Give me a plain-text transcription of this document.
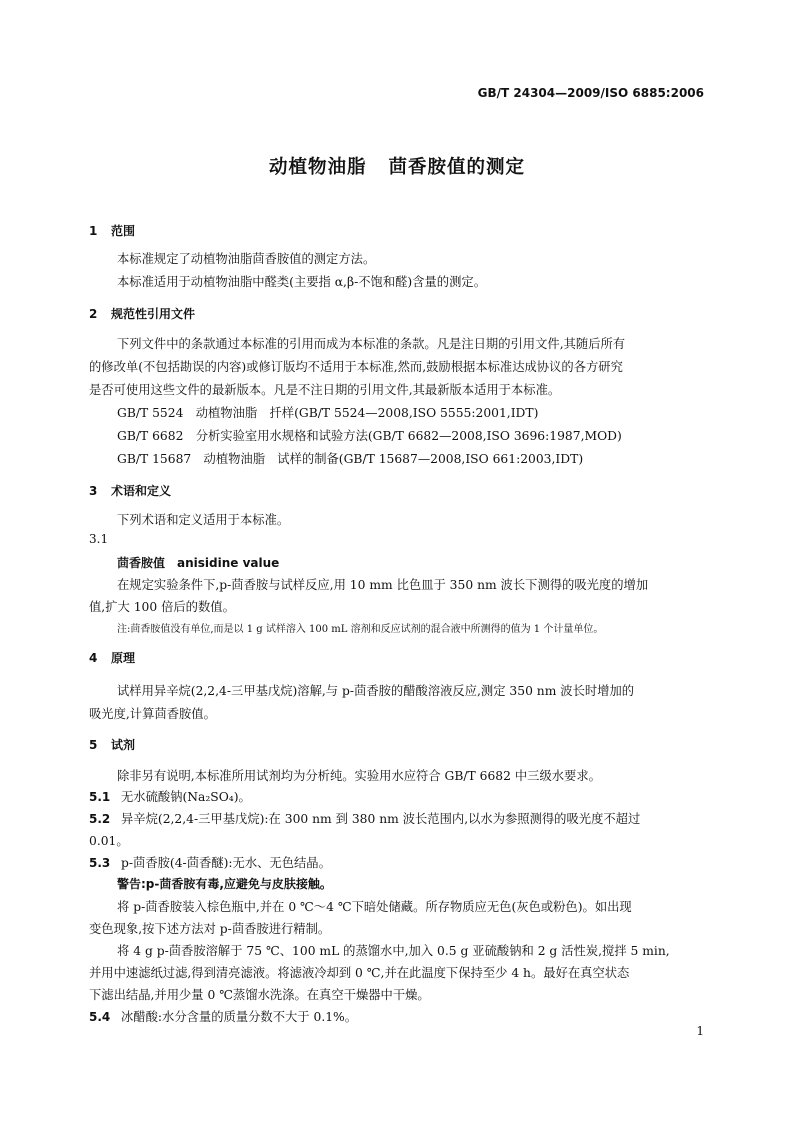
GB/T 24304—2009/ISO 6885:2006
动植物油脂 茴香胺值的测定
1 范围
本标准规定了动植物油脂茴香胺值的测定方法。
本标准适用于动植物油脂中醛类(主要指 α,β-不饱和醛)含量的测定。
2 规范性引用文件
下列文件中的条款通过本标准的引用而成为本标准的条款。凡是注日期的引用文件,其随后所有
的修改单(不包括勘误的内容)或修订版均不适用于本标准,然而,鼓励根据本标准达成协议的各方研究
是否可使用这些文件的最新版本。凡是不注日期的引用文件,其最新版本适用于本标准。
GB/T 5524　动植物油脂　扦样(GB/T 5524—2008,ISO 5555:2001,IDT)
GB/T 6682　分析实验室用水规格和试验方法(GB/T 6682—2008,ISO 3696:1987,MOD)
GB/T 15687　动植物油脂　试样的制备(GB/T 15687—2008,ISO 661:2003,IDT)
3 术语和定义
下列术语和定义适用于本标准。
3.1
茴香胺值　anisidine value
在规定实验条件下,p-茴香胺与试样反应,用 10 mm 比色皿于 350 nm 波长下测得的吸光度的增加
值,扩大 100 倍后的数值。
注:茴香胺值没有单位,而是以 1 g 试样溶入 100 mL 溶剂和反应试剂的混合液中所测得的值为 1 个计量单位。
4 原理
试样用异辛烷(2,2,4-三甲基戊烷)溶解,与 p-茴香胺的醋酸溶液反应,测定 350 nm 波长时增加的
吸光度,计算茴香胺值。
5 试剂
除非另有说明,本标准所用试剂均为分析纯。实验用水应符合 GB/T 6682 中三级水要求。
5.1 无水硫酸钠(Na₂SO₄)。
5.2 异辛烷(2,2,4-三甲基戊烷):在 300 nm 到 380 nm 波长范围内,以水为参照测得的吸光度不超过
0.01。
5.3 p-茴香胺(4-茴香醚):无水、无色结晶。
警告:p-茴香胺有毒,应避免与皮肤接触。
将 p-茴香胺装入棕色瓶中,并在 0 ℃～4 ℃下暗处储藏。所存物质应无色(灰色或粉色)。如出现
变色现象,按下述方法对 p-茴香胺进行精制。
将 4 g p-茴香胺溶解于 75 ℃、100 mL 的蒸馏水中,加入 0.5 g 亚硫酸钠和 2 g 活性炭,搅拌 5 min,
并用中速滤纸过滤,得到清亮滤液。将滤液冷却到 0 ℃,并在此温度下保持至少 4 h。最好在真空状态
下滤出结晶,并用少量 0 ℃蒸馏水洗涤。在真空干燥器中干燥。
5.4 冰醋酸:水分含量的质量分数不大于 0.1%。
1
